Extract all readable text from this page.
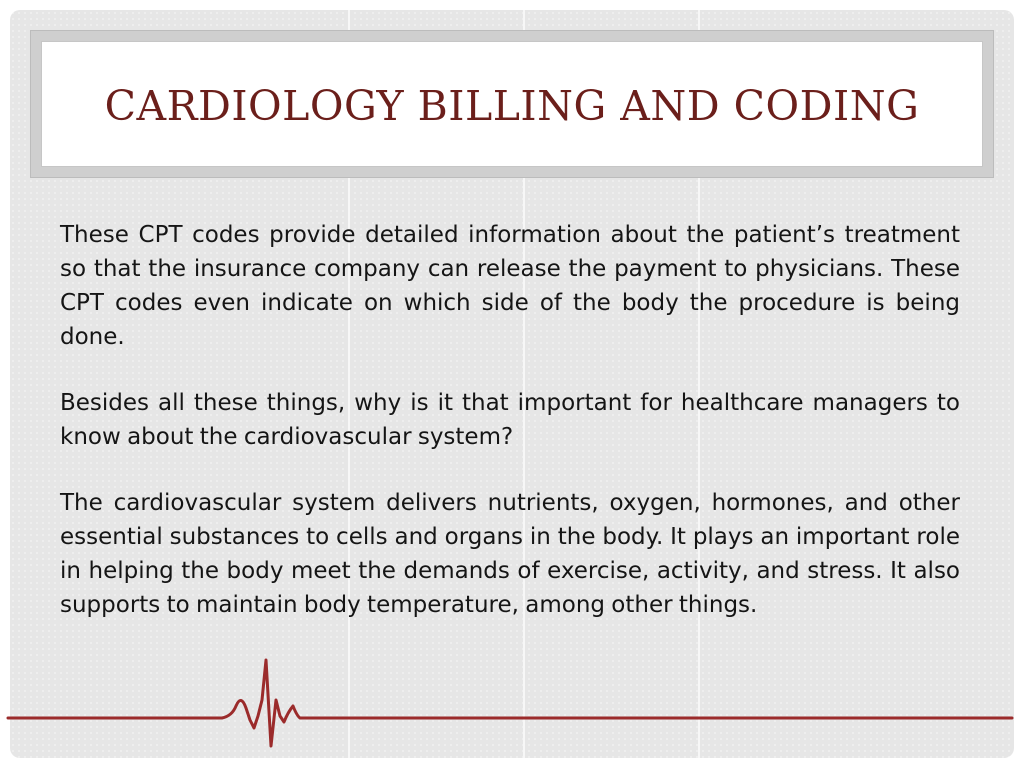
CARDIOLOGY BILLING AND CODING

These CPT codes provide detailed information about the patient’s treatment so that the insurance company can release the payment to physicians. These CPT codes even indicate on which side of the body the procedure is being done.

Besides all these things, why is it that important for healthcare managers to know about the cardiovascular system?

The cardiovascular system delivers nutrients, oxygen, hormones, and other essential substances to cells and organs in the body. It plays an important role in helping the body meet the demands of exercise, activity, and stress. It also supports to maintain body temperature, among other things.
